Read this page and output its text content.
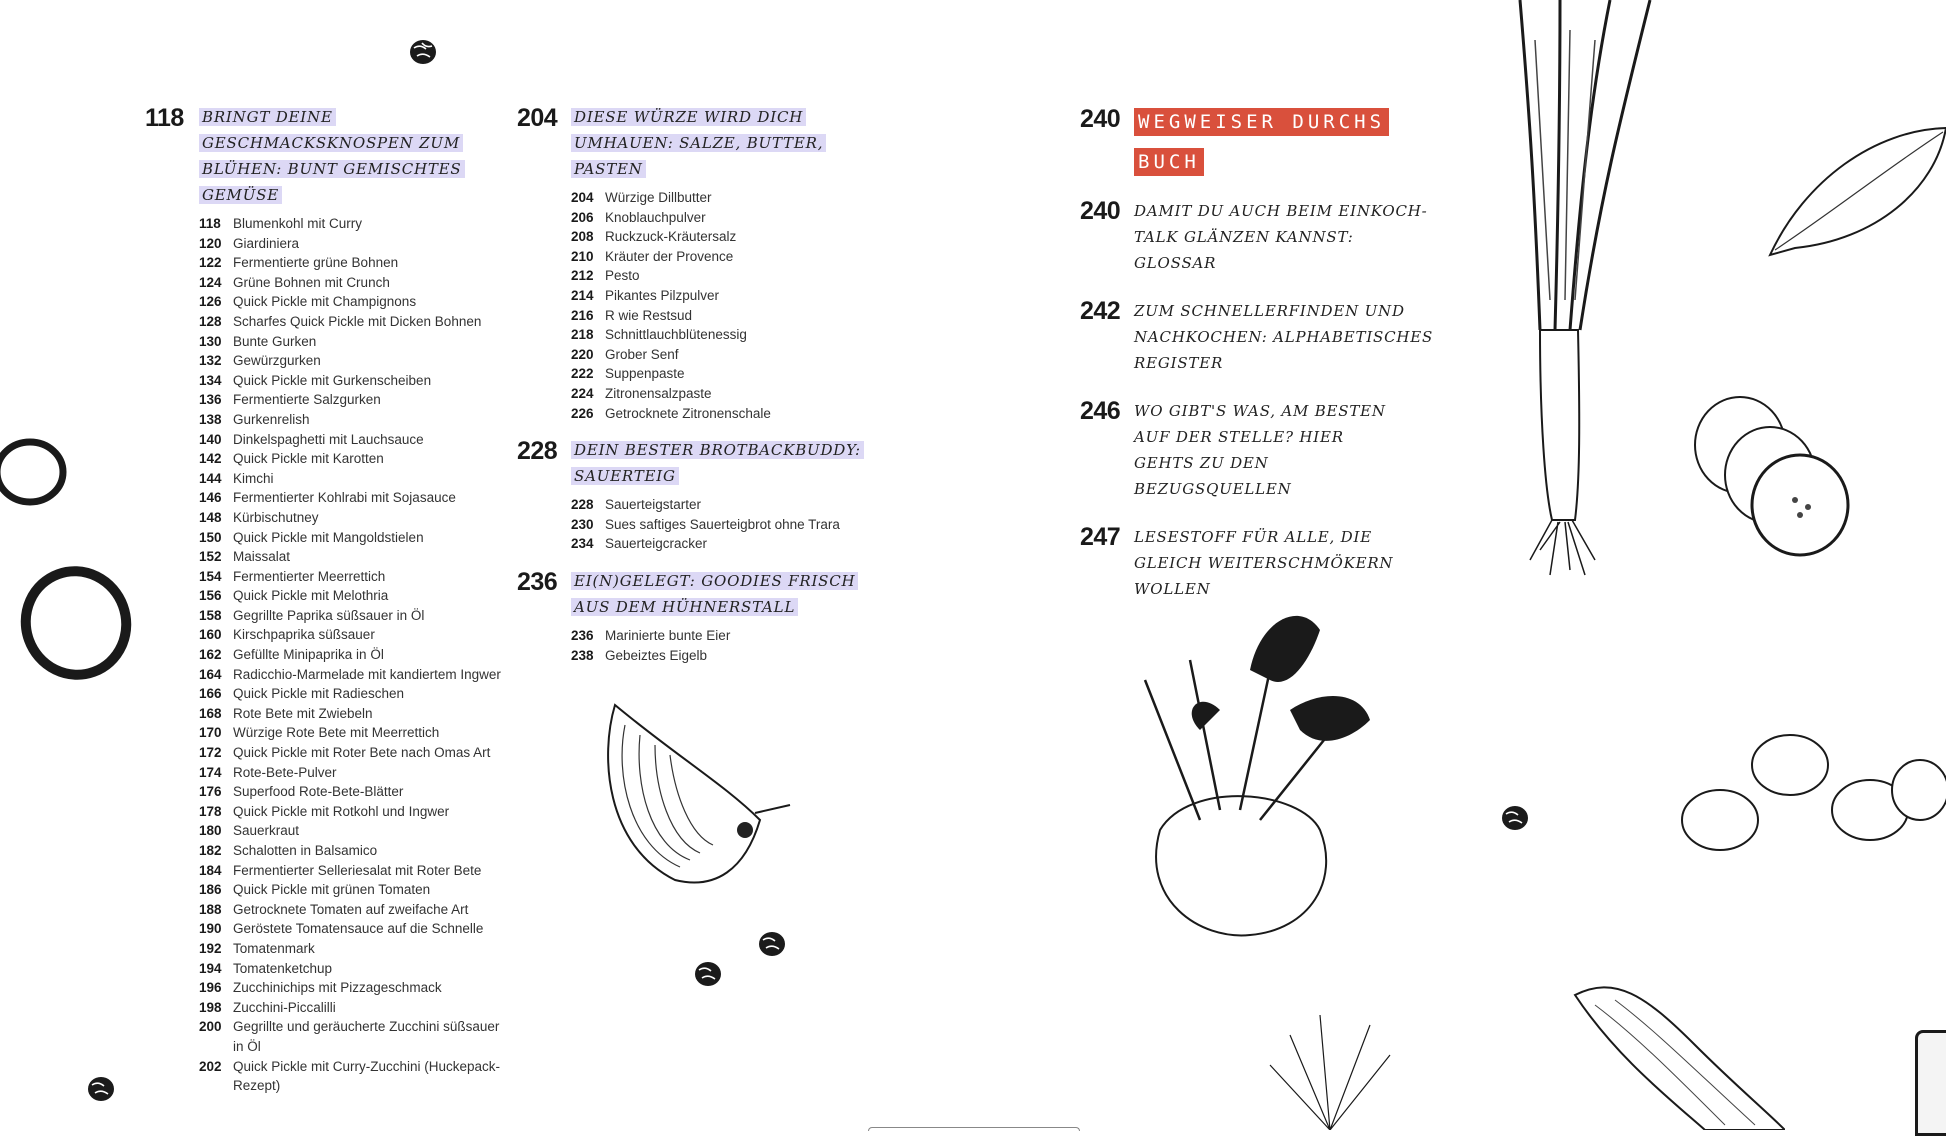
118	BRINGT DEINE GESCHMACKSKNOSPEN ZUM BLÜHEN: BUNT GEMISCHTES GEMÜSE
118 Blumenkohl mit Curry
120 Giardiniera
122 Fermentierte grüne Bohnen
124 Grüne Bohnen mit Crunch
126 Quick Pickle mit Champignons
128 Scharfes Quick Pickle mit Dicken Bohnen
130 Bunte Gurken
132 Gewürzgurken
134 Quick Pickle mit Gurkenscheiben
136 Fermentierte Salzgurken
138 Gurkenrelish
140 Dinkelspaghetti mit Lauchsauce
142 Quick Pickle mit Karotten
144 Kimchi
146 Fermentierter Kohlrabi mit Sojasauce
148 Kürbischutney
150 Quick Pickle mit Mangoldstielen
152 Maissalat
154 Fermentierter Meerrettich
156 Quick Pickle mit Melothria
158 Gegrillte Paprika süßsauer in Öl
160 Kirschpaprika süßsauer
162 Gefüllte Minipaprika in Öl
164 Radicchio-Marmelade mit kandiertem Ingwer
166 Quick Pickle mit Radieschen
168 Rote Bete mit Zwiebeln
170 Würzige Rote Bete mit Meerrettich
172 Quick Pickle mit Roter Bete nach Omas Art
174 Rote-Bete-Pulver
176 Superfood Rote-Bete-Blätter
178 Quick Pickle mit Rotkohl und Ingwer
180 Sauerkraut
182 Schalotten in Balsamico
184 Fermentierter Selleriesalat mit Roter Bete
186 Quick Pickle mit grünen Tomaten
188 Getrocknete Tomaten auf zweifache Art
190 Geröstete Tomatensauce auf die Schnelle
192 Tomatenmark
194 Tomatenketchup
196 Zucchinichips mit Pizzageschmack
198 Zucchini-Piccalilli
200 Gegrillte und geräucherte Zucchini süßsauer in Öl
202 Quick Pickle mit Curry-Zucchini (Huckepack-Rezept)
204	DIESE WÜRZE WIRD DICH UMHAUEN: SALZE, BUTTER, PASTEN
204 Würzige Dillbutter
206 Knoblauchpulver
208 Ruckzuck-Kräutersalz
210 Kräuter der Provence
212 Pesto
214 Pikantes Pilzpulver
216 R wie Restsud
218 Schnittlauchblütenessig
220 Grober Senf
222 Suppenpaste
224 Zitronensalzpaste
226 Getrocknete Zitronenschale
228	DEIN BESTER BROTBACKBUDDY: SAUERTEIG
228 Sauerteigstarter
230 Sues saftiges Sauerteigbrot ohne Trara
234 Sauerteigcracker
236	EI(N)GELEGT: GOODIES FRISCH AUS DEM HÜHNERSTALL
236 Marinierte bunte Eier
238 Gebeiztes Eigelb
240 WEGWEISER DURCHS BUCH
240 DAMIT DU AUCH BEIM EINKOCH-TALK GLÄNZEN KANNST: GLOSSAR
242 ZUM SCHNELLERFINDEN UND NACHKOCHEN: ALPHABETISCHES REGISTER
246 WO GIBT'S WAS, AM BESTEN AUF DER STELLE? HIER GEHTS ZU DEN BEZUGSQUELLEN
247 LESESTOFF FÜR ALLE, DIE GLEICH WEITERSCHMÖKERN WOLLEN
